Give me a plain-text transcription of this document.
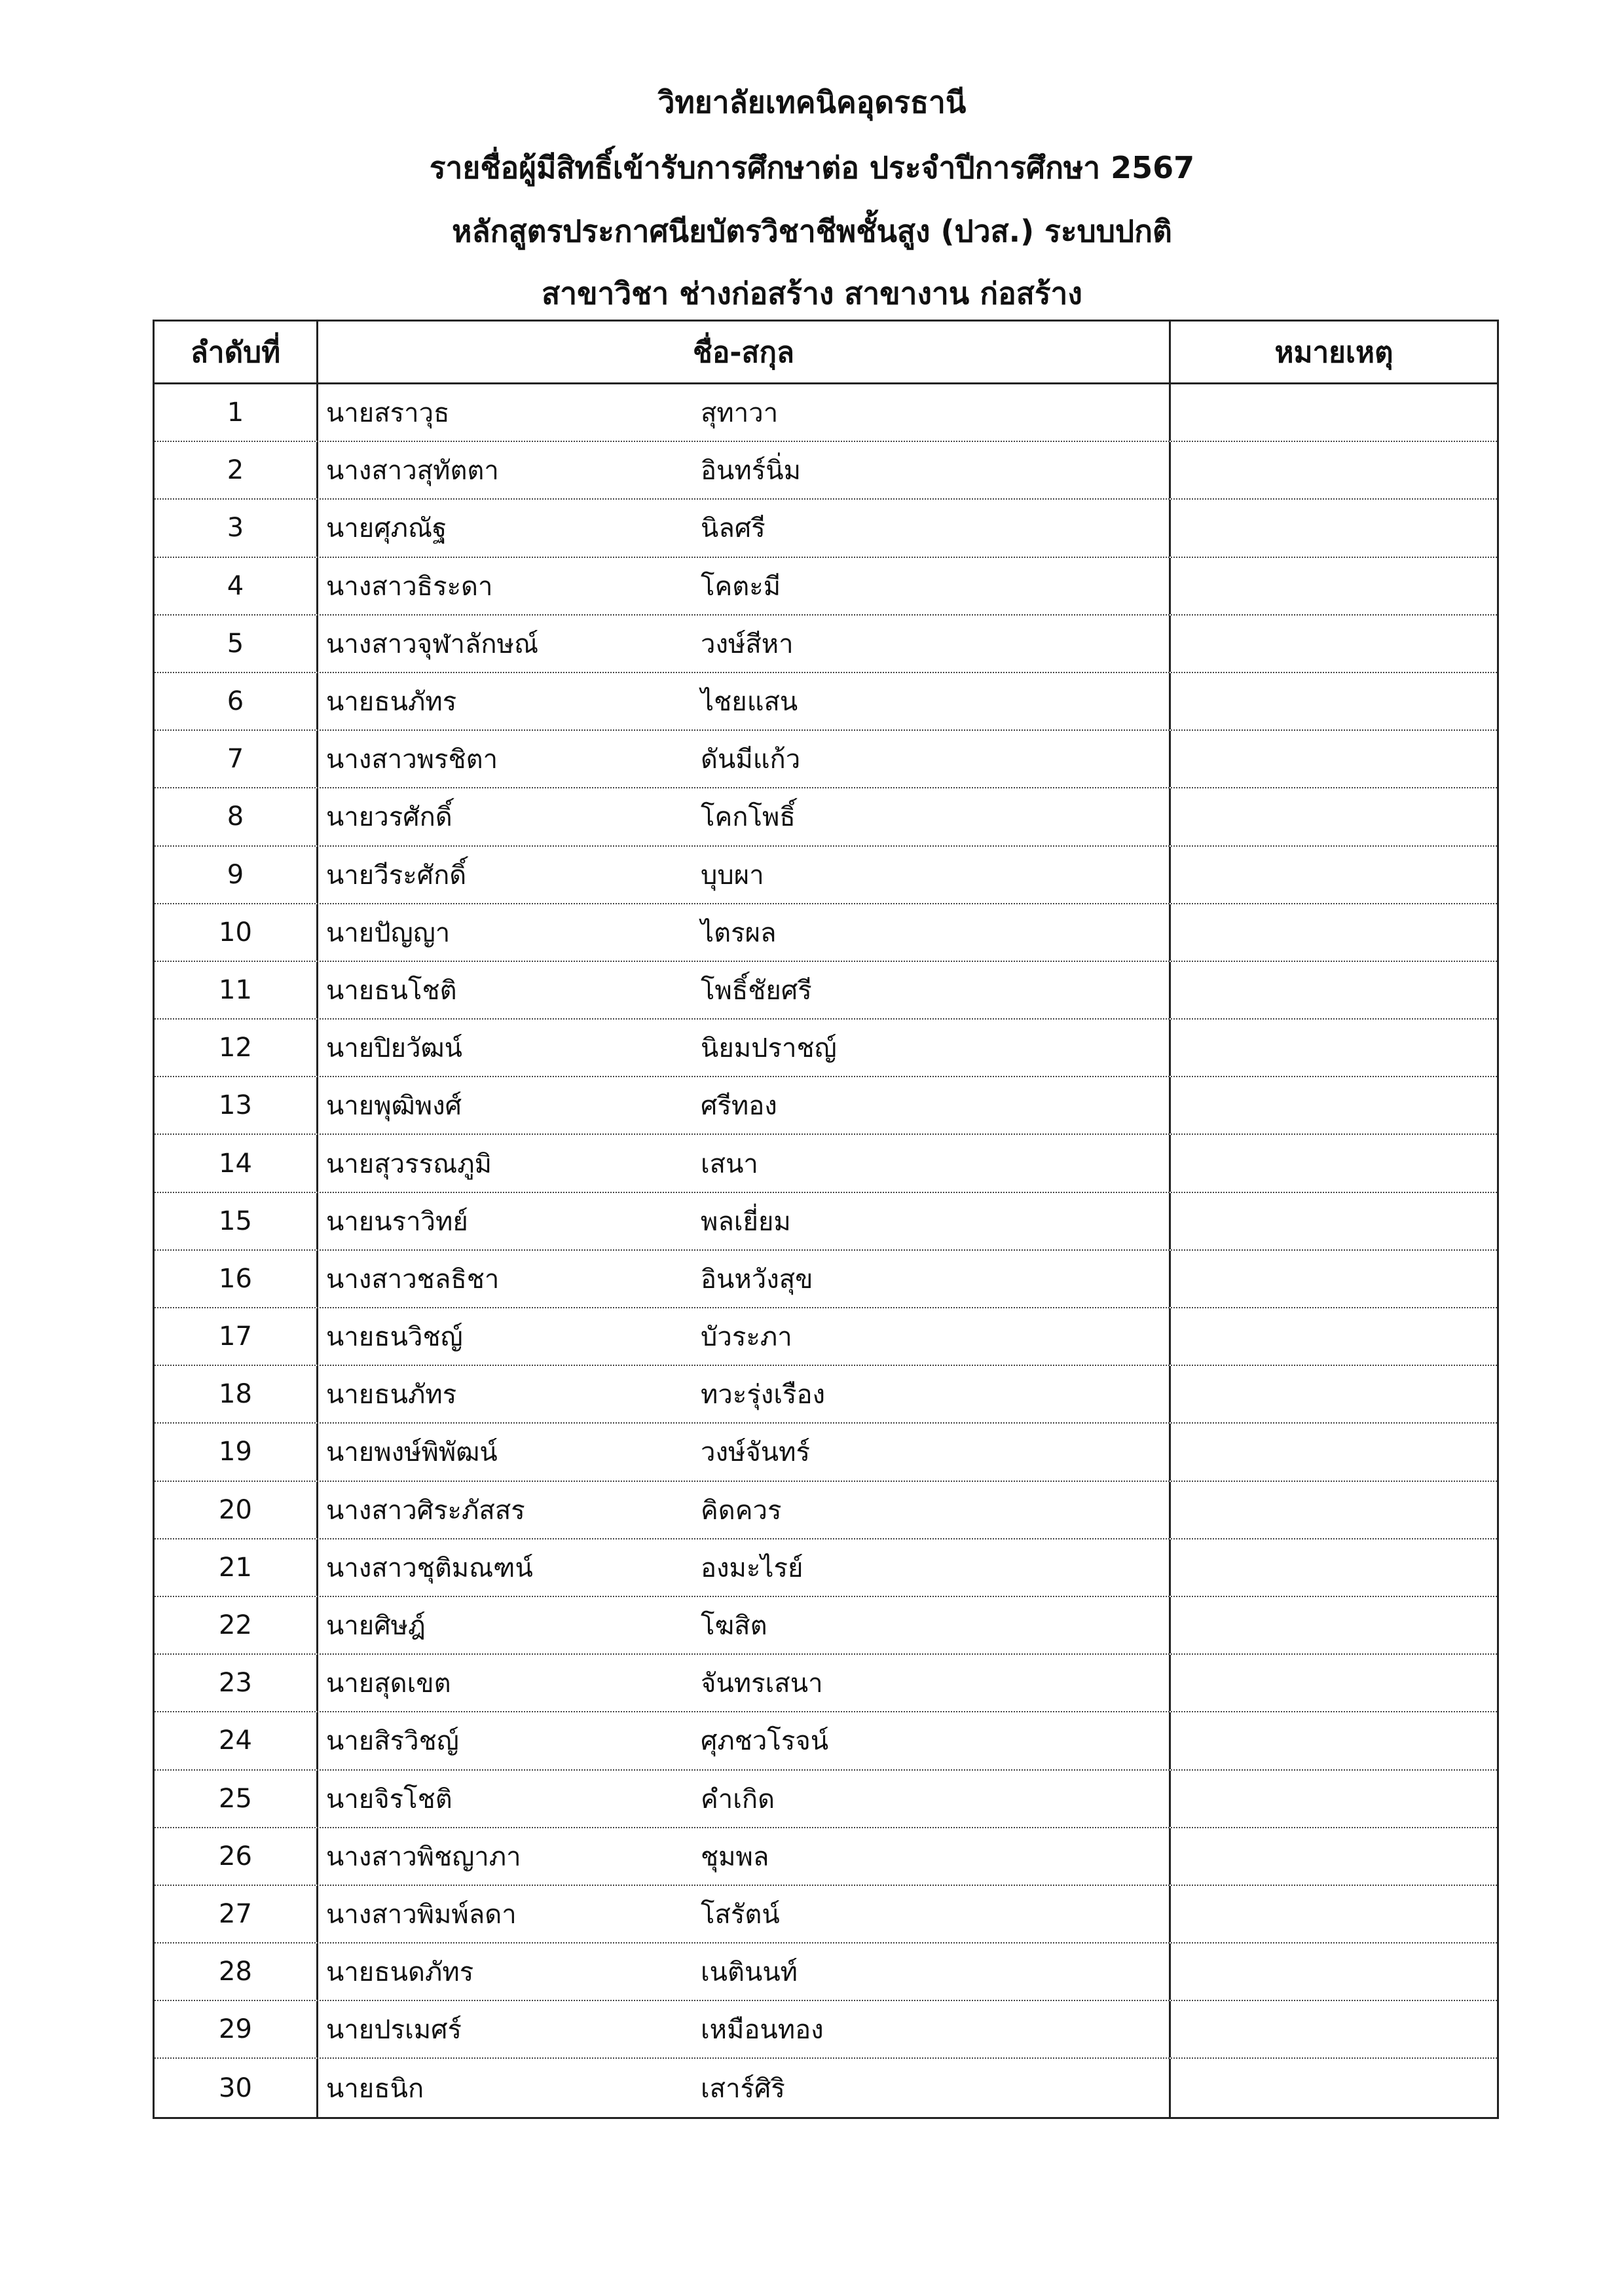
วิทยาลัยเทคนิคอุดรธานี
รายชื่อผู้มีสิทธิ์เข้ารับการศึกษาต่อ ประจำปีการศึกษา 2567
หลักสูตรประกาศนียบัตรวิชาชีพชั้นสูง (ปวส.) ระบบปกติ
สาขาวิชา ช่างก่อสร้าง สาขางาน ก่อสร้าง
ลำดับที่	ชื่อ-สกุล	หมายเหตุ
1	นายสราวุธ	สุทาวา
2	นางสาวสุทัตตา	อินทร์นิ่ม
3	นายศุภณัฐ	นิลศรี
4	นางสาวธิระดา	โคตะมี
5	นางสาวจุฬาลักษณ์	วงษ์สีหา
6	นายธนภัทร	ไชยแสน
7	นางสาวพรชิตา	ดันมีแก้ว
8	นายวรศักดิ์	โคกโพธิ์
9	นายวีระศักดิ์	บุบผา
10	นายปัญญา	ไตรผล
11	นายธนโชติ	โพธิ์ชัยศรี
12	นายปิยวัฒน์	นิยมปราชญ์
13	นายพุฒิพงศ์	ศรีทอง
14	นายสุวรรณภูมิ	เสนา
15	นายนราวิทย์	พลเยี่ยม
16	นางสาวชลธิชา	อินหวังสุข
17	นายธนวิชญ์	บัวระภา
18	นายธนภัทร	ทวะรุ่งเรือง
19	นายพงษ์พิพัฒน์	วงษ์จันทร์
20	นางสาวศิระภัสสร	คิดควร
21	นางสาวชุติมณฑน์	องมะไรย์
22	นายศิษฎ์	โฆสิต
23	นายสุดเขต	จันทรเสนา
24	นายสิรวิชญ์	ศุภชวโรจน์
25	นายจิรโชติ	คำเกิด
26	นางสาวพิชญาภา	ชุมพล
27	นางสาวพิมพ์ลดา	โสรัตน์
28	นายธนดภัทร	เนตินนท์
29	นายปรเมศร์	เหมือนทอง
30	นายธนิก	เสาร์ศิริ
